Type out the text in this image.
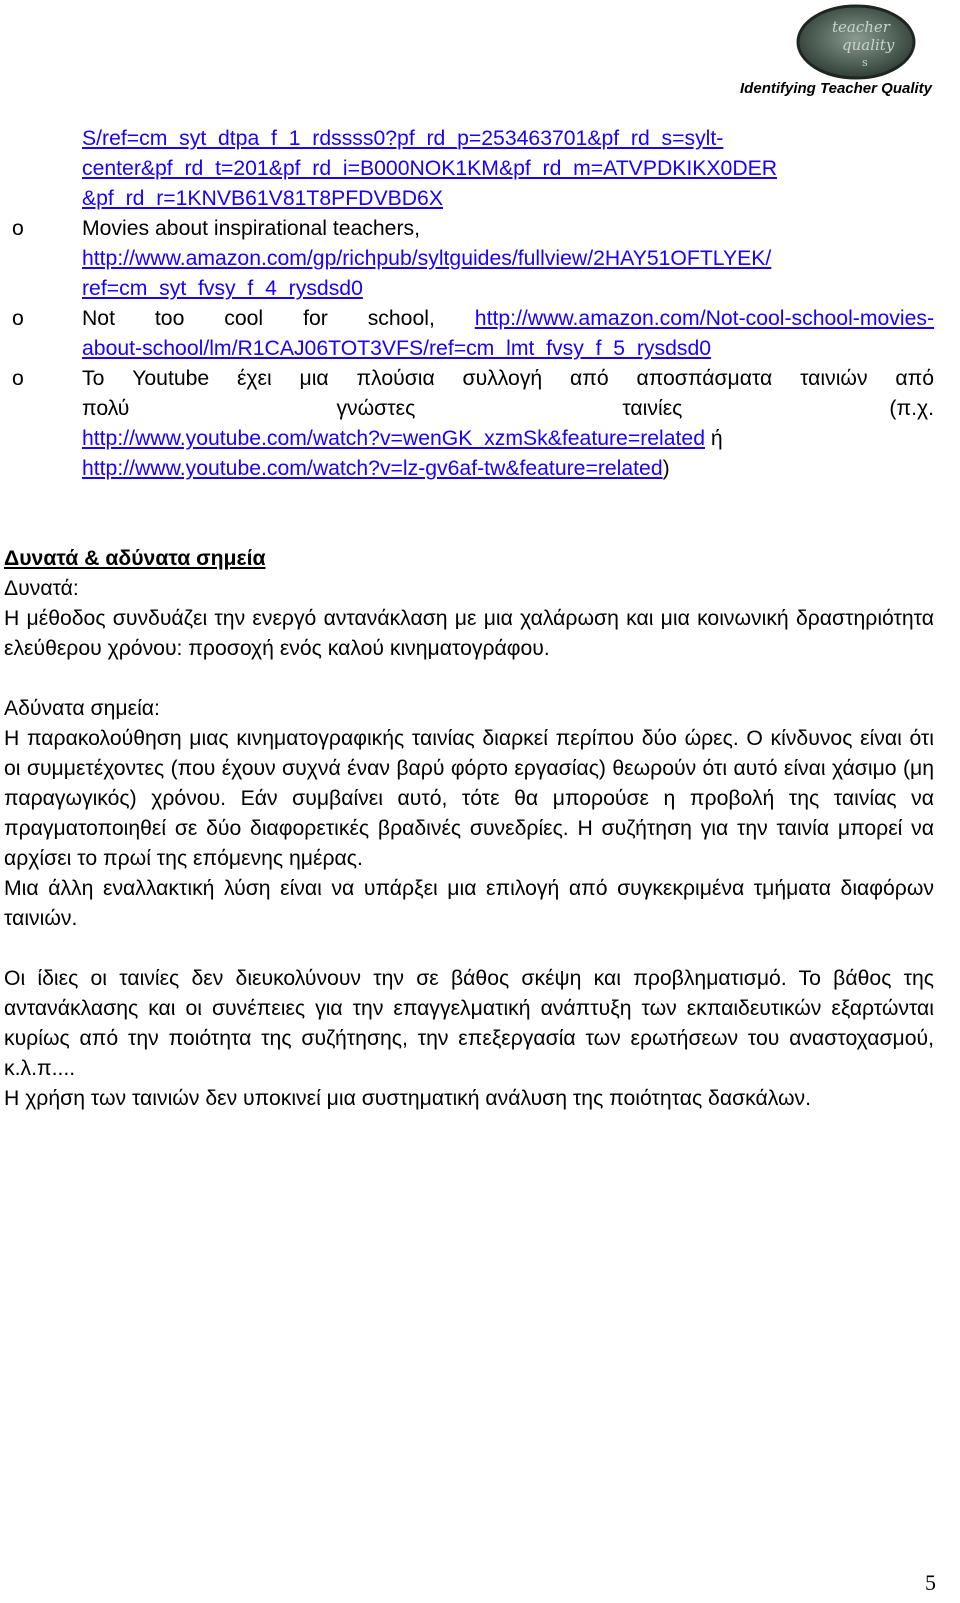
teacher
quality
s
Identifying Teacher Quality
S/ref=cm_syt_dtpa_f_1_rdssss0?pf_rd_p=253463701&pf_rd_s=sylt-
center&pf_rd_t=201&pf_rd_i=B000NOK1KM&pf_rd_m=ATVPDKIKX0DER
&pf_rd_r=1KNVB61V81T8PFDVBD6X
o	Movies about inspirational teachers,
http://www.amazon.com/gp/richpub/syltguides/fullview/2HAY51OFTLYEK/
ref=cm_syt_fvsy_f_4_rysdsd0
o	Not too cool for school, http://www.amazon.com/Not-cool-school-movies-
about-school/lm/R1CAJ06TOT3VFS/ref=cm_lmt_fvsy_f_5_rysdsd0
o	Το Youtube έχει μια πλούσια συλλογή από αποσπάσματα ταινιών από
πολύ γνώστες ταινίες (π.χ.
http://www.youtube.com/watch?v=wenGK_xzmSk&feature=related ή
http://www.youtube.com/watch?v=lz-gv6af-tw&feature=related)
Δυνατά & αδύνατα σημεία
Δυνατά:
Η μέθοδος συνδυάζει την ενεργό αντανάκλαση με μια χαλάρωση και μια κοινωνική δραστηριότητα ελεύθερου χρόνου: προσοχή ενός καλού κινηματογράφου.
Αδύνατα σημεία:
Η παρακολούθηση μιας κινηματογραφικής ταινίας διαρκεί περίπου δύο ώρες. Ο κίνδυνος είναι ότι οι συμμετέχοντες (που έχουν συχνά έναν βαρύ φόρτο εργασίας) θεωρούν ότι αυτό είναι χάσιμο (μη παραγωγικός) χρόνου. Εάν συμβαίνει αυτό, τότε θα μπορούσε η προβολή της ταινίας να πραγματοποιηθεί σε δύο διαφορετικές βραδινές συνεδρίες. Η συζήτηση για την ταινία μπορεί να αρχίσει το πρωί της επόμενης ημέρας.
Μια άλλη εναλλακτική λύση είναι να υπάρξει μια επιλογή από συγκεκριμένα τμήματα διαφόρων ταινιών.
Οι ίδιες οι ταινίες δεν διευκολύνουν την σε βάθος σκέψη και προβληματισμό. Το βάθος της αντανάκλασης και οι συνέπειες για την επαγγελματική ανάπτυξη των εκπαιδευτικών εξαρτώνται κυρίως από την ποιότητα της συζήτησης, την επεξεργασία των ερωτήσεων του αναστοχασμού, κ.λ.π....
Η χρήση των ταινιών δεν υποκινεί μια συστηματική ανάλυση της ποιότητας δασκάλων.
5
